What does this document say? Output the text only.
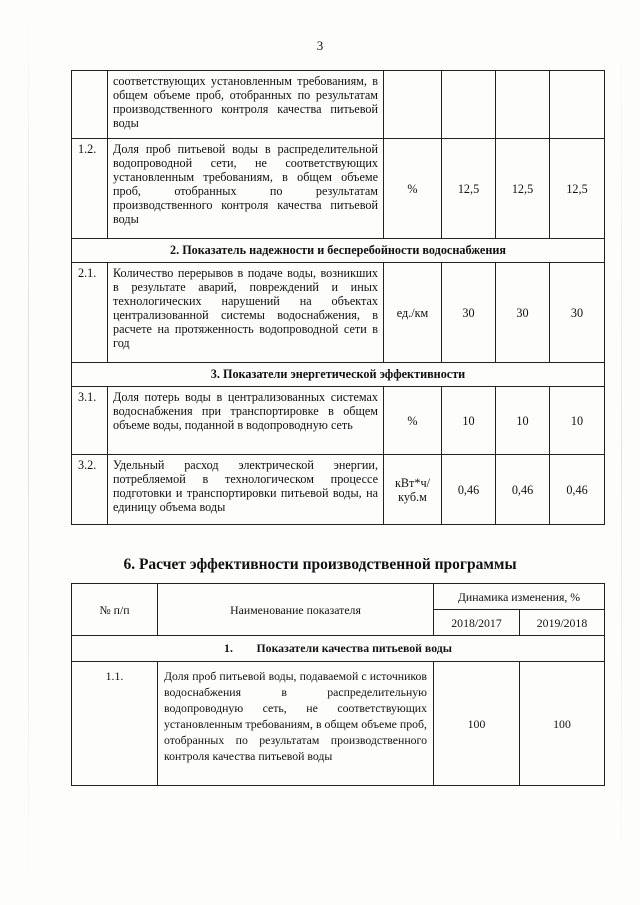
3
	соответствующих установленным требованиям, в общем объеме проб, отобранных по результатам производственного контроля качества питьевой воды				
1.2.	Доля проб питьевой воды в распределительной водопроводной сети, не соответствующих установленным требованиям, в общем объеме проб, отобранных по результатам производственного контроля качества питьевой воды	%	12,5	12,5	12,5
2. Показатель надежности и бесперебойности водоснабжения					
2.1.	Количество перерывов в подаче воды, возникших в результате аварий, повреждений и иных технологических нарушений на объектах централизованной системы водоснабжения, в расчете на протяженность водопроводной сети в год	ед./км	30	30	30
3. Показатели энергетической эффективности					
3.1.	Доля потерь воды в централизованных системах водоснабжения при транспортировке в общем объеме воды, поданной в водопроводную сеть	%	10	10	10
3.2.	Удельный расход электрической энергии, потребляемой в технологическом процессе подготовки и транспортировки питьевой воды, на единицу объема воды	кВт*ч/ куб.м	0,46	0,46	0,46
6. Расчет эффективности производственной программы
№ п/п	Наименование показателя	Динамика изменения, %	
		2018/2017	2019/2018
1.        Показатели качества питьевой воды			
1.1.	Доля проб питьевой воды, подаваемой с источников водоснабжения в распределительную водопроводную сеть, не соответствующих установленным требованиям, в общем объеме проб, отобранных по результатам производственного контроля качества питьевой воды	100	100
